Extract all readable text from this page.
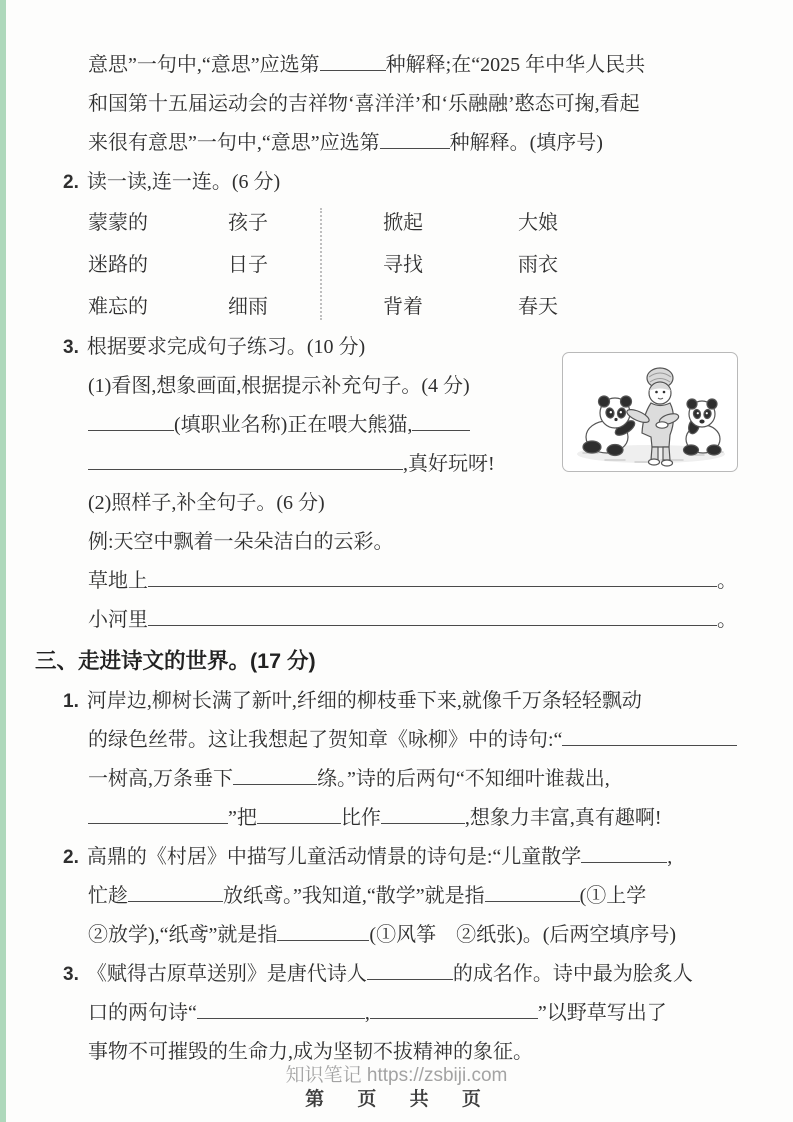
意思”一句中,“意思”应选第	种解释;在“2025 年中华人民共
和国第十五届运动会的吉祥物‘喜洋洋’和‘乐融融’憨态可掬,看起
来很有意思”一句中,“意思”应选第	种解释。(填序号)
2. 读一读,连一连。(6 分)
蒙蒙的	孩子	掀起	大娘
迷路的	日子	寻找	雨衣
难忘的	细雨	背着	春天
3. 根据要求完成句子练习。(10 分)
(1)看图,想象画面,根据提示补充句子。(4 分)
(填职业名称)正在喂大熊猫,
,真好玩呀!
(2)照样子,补全句子。(6 分)
例:天空中飘着一朵朵洁白的云彩。
草地上	。
小河里	。
三、走进诗文的世界。(17 分)
1. 河岸边,柳树长满了新叶,纤细的柳枝垂下来,就像千万条轻轻飘动
的绿色丝带。这让我想起了贺知章《咏柳》中的诗句:“
一树高,万条垂下	绦。”诗的后两句“不知细叶谁裁出,
”把	比作	,想象力丰富,真有趣啊!
2. 高鼎的《村居》中描写儿童活动情景的诗句是:“儿童散学	,
忙趁	放纸鸢。”我知道,“散学”就是指	(①上学
②放学),“纸鸢”就是指	(①风筝　②纸张)。(后两空填序号)
3. 《赋得古原草送别》是唐代诗人	的成名作。诗中最为脍炙人
口的两句诗“	,	”以野草写出了
事物不可摧毁的生命力,成为坚韧不拔精神的象征。
知识笔记 https://zsbiji.com
第 页 共 页
